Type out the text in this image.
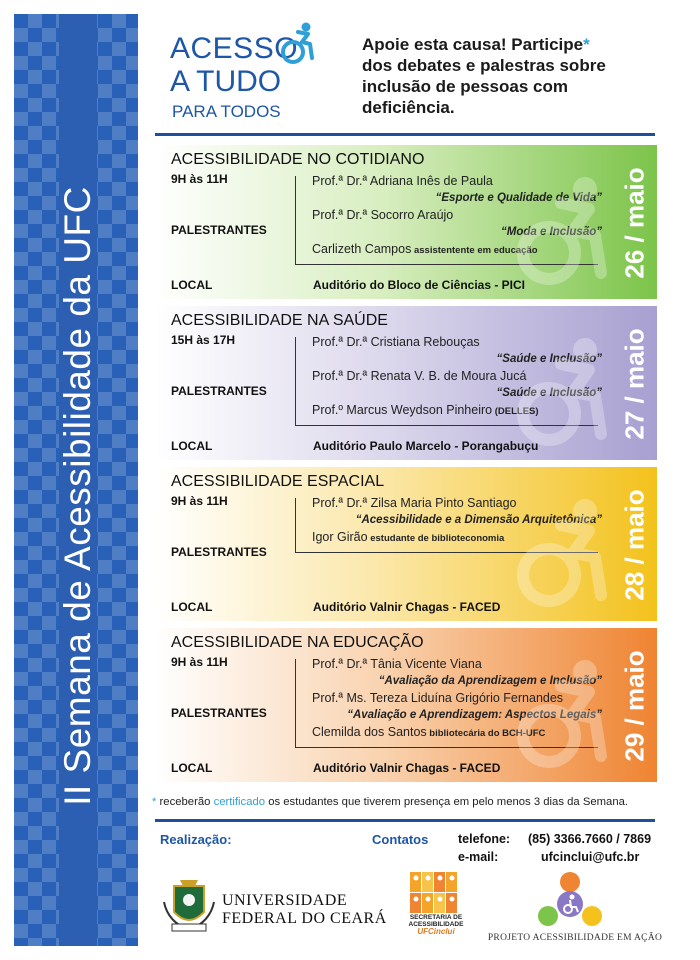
II Semana de Acessibilidade da UFC
ACESSO
A TUDO
PARA TODOS
Apoie esta causa! Participe*
dos debates e palestras sobre
inclusão de pessoas com
deficiência.
ACESSIBILIDADE NO COTIDIANO
9H às 11H
PALESTRANTES
Prof.ª Dr.ª Adriana Inês de Paula
“Esporte e Qualidade de Vida”
Prof.ª Dr.ª Socorro Araújo
“Moda e Inclusão”
Carlizeth Campos assistentente em educação
LOCAL	Auditório do Bloco de Ciências - PICI
26 / maio
ACESSIBILIDADE NA SAÚDE
15H às 17H
PALESTRANTES
Prof.ª Dr.ª Cristiana Rebouças
“Saúde e Inclusão”
Prof.ª Dr.ª Renata V. B. de Moura Jucá
“Saúde e Inclusão”
Prof.º Marcus Weydson Pinheiro (DELLES)
LOCAL	Auditório Paulo Marcelo - Porangabuçu
27 / maio
ACESSIBILIDADE ESPACIAL
9H às 11H
PALESTRANTES
Prof.ª Dr.ª Zilsa Maria Pinto Santiago
“Acessibilidade e a Dimensão Arquitetônica”
Igor Girão estudante de biblioteconomia
LOCAL	Auditório Valnir Chagas - FACED
28 / maio
ACESSIBILIDADE NA EDUCAÇÃO
9H às 11H
PALESTRANTES
Prof.ª Dr.ª Tânia Vicente Viana
“Avaliação da Aprendizagem e Inclusão”
Prof.ª Ms. Tereza Liduína Grigório Fernandes
“Avaliação e Aprendizagem: Aspectos Legais”
Clemilda dos Santos bibliotecária do BCH-UFC
LOCAL	Auditório Valnir Chagas - FACED
29 / maio
* receberão certificado os estudantes que tiverem presença em pelo menos 3 dias da Semana.
Realização:	Contatos telefone: (85) 3366.7660 / 7869
e-mail:	ufcinclui@ufc.br
UNIVERSIDADE
FEDERAL DO CEARÁ	SECRETARIA DE
ACESSIBILIDADE
UFCinclui
PROJETO ACESSIBILIDADE EM AÇÃO
